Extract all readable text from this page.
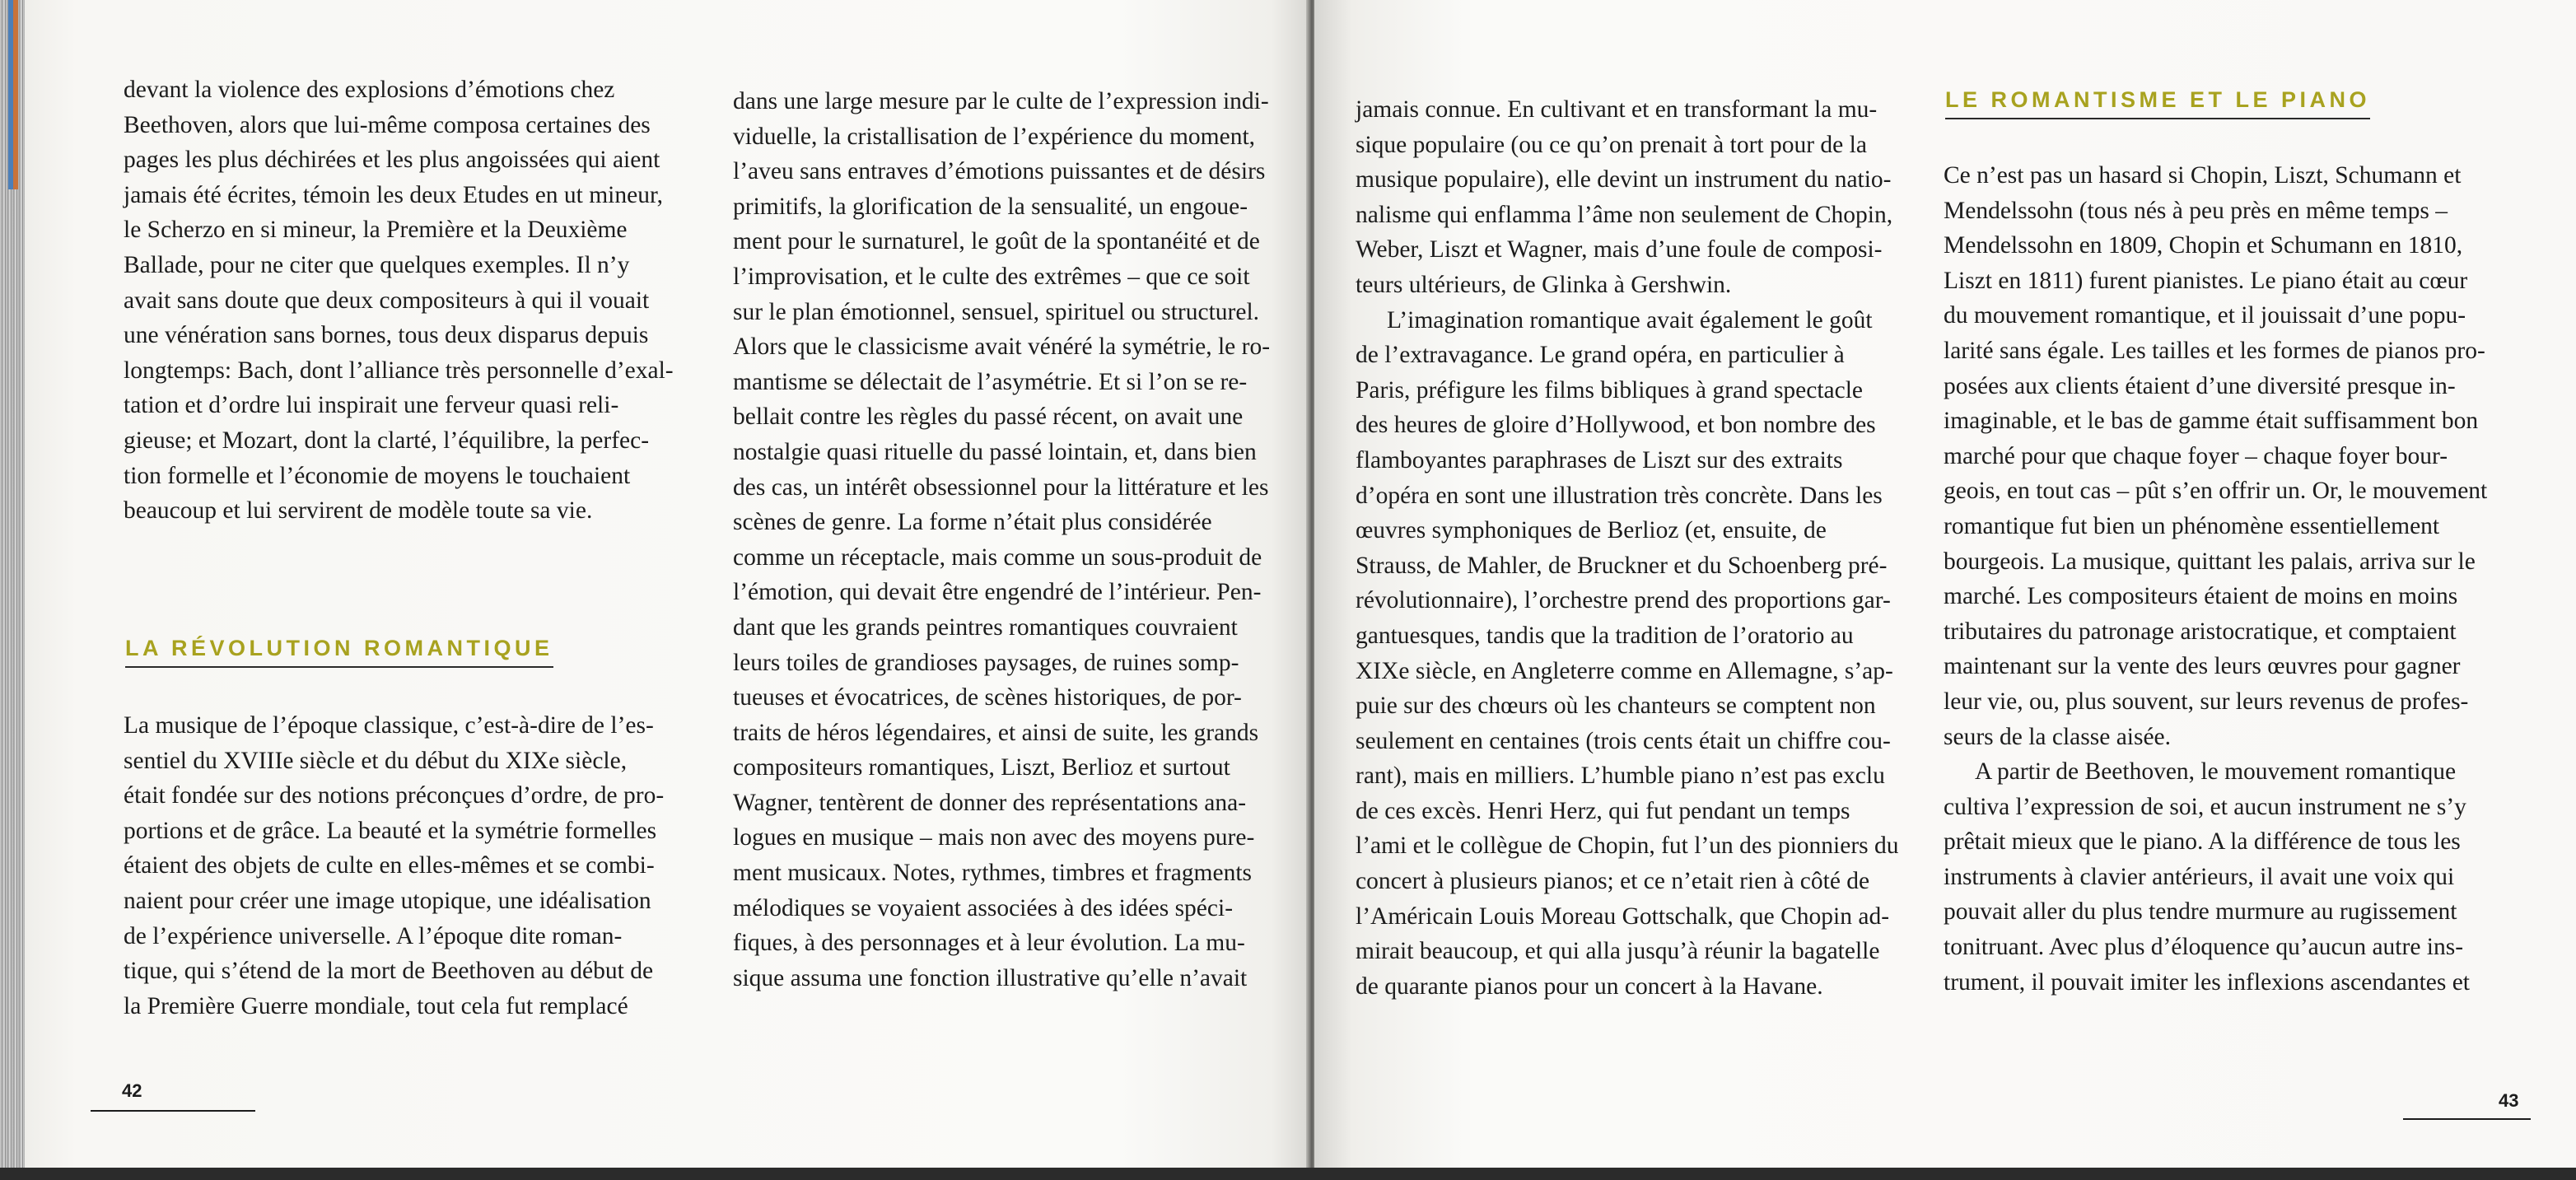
devant la violence des explosions d’émotions chez
Beethoven, alors que lui-même composa certaines des
pages les plus déchirées et les plus angoissées qui aient
jamais été écrites, témoin les deux Etudes en ut mineur,
le Scherzo en si mineur, la Première et la Deuxième
Ballade, pour ne citer que quelques exemples. Il n’y
avait sans doute que deux compositeurs à qui il vouait
une vénération sans bornes, tous deux disparus depuis
longtemps: Bach, dont l’alliance très personnelle d’exal-
tation et d’ordre lui inspirait une ferveur quasi reli-
gieuse; et Mozart, dont la clarté, l’équilibre, la perfec-
tion formelle et l’économie de moyens le touchaient
beaucoup et lui servirent de modèle toute sa vie.

LA RÉVOLUTION ROMANTIQUE

La musique de l’époque classique, c’est-à-dire de l’es-
sentiel du XVIIIe siècle et du début du XIXe siècle,
était fondée sur des notions préconçues d’ordre, de pro-
portions et de grâce. La beauté et la symétrie formelles
étaient des objets de culte en elles-mêmes et se combi-
naient pour créer une image utopique, une idéalisation
de l’expérience universelle. A l’époque dite roman-
tique, qui s’étend de la mort de Beethoven au début de
la Première Guerre mondiale, tout cela fut remplacé

dans une large mesure par le culte de l’expression indi-
viduelle, la cristallisation de l’expérience du moment,
l’aveu sans entraves d’émotions puissantes et de désirs
primitifs, la glorification de la sensualité, un engoue-
ment pour le surnaturel, le goût de la spontanéité et de
l’improvisation, et le culte des extrêmes – que ce soit
sur le plan émotionnel, sensuel, spirituel ou structurel.
Alors que le classicisme avait vénéré la symétrie, le ro-
mantisme se délectait de l’asymétrie. Et si l’on se re-
bellait contre les règles du passé récent, on avait une
nostalgie quasi rituelle du passé lointain, et, dans bien
des cas, un intérêt obsessionnel pour la littérature et les
scènes de genre. La forme n’était plus considérée
comme un réceptacle, mais comme un sous-produit de
l’émotion, qui devait être engendré de l’intérieur. Pen-
dant que les grands peintres romantiques couvraient
leurs toiles de grandioses paysages, de ruines somp-
tueuses et évocatrices, de scènes historiques, de por-
traits de héros légendaires, et ainsi de suite, les grands
compositeurs romantiques, Liszt, Berlioz et surtout
Wagner, tentèrent de donner des représentations ana-
logues en musique – mais non avec des moyens pure-
ment musicaux. Notes, rythmes, timbres et fragments
mélodiques se voyaient associées à des idées spéci-
fiques, à des personnages et à leur évolution. La mu-
sique assuma une fonction illustrative qu’elle n’avait

42

jamais connue. En cultivant et en transformant la mu-
sique populaire (ou ce qu’on prenait à tort pour de la
musique populaire), elle devint un instrument du natio-
nalisme qui enflamma l’âme non seulement de Chopin,
Weber, Liszt et Wagner, mais d’une foule de composi-
teurs ultérieurs, de Glinka à Gershwin.

L’imagination romantique avait également le goût
de l’extravagance. Le grand opéra, en particulier à
Paris, préfigure les films bibliques à grand spectacle
des heures de gloire d’Hollywood, et bon nombre des
flamboyantes paraphrases de Liszt sur des extraits
d’opéra en sont une illustration très concrète. Dans les
œuvres symphoniques de Berlioz (et, ensuite, de
Strauss, de Mahler, de Bruckner et du Schoenberg pré-
révolutionnaire), l’orchestre prend des proportions gar-
gantuesques, tandis que la tradition de l’oratorio au
XIXe siècle, en Angleterre comme en Allemagne, s’ap-
puie sur des chœurs où les chanteurs se comptent non
seulement en centaines (trois cents était un chiffre cou-
rant), mais en milliers. L’humble piano n’est pas exclu
de ces excès. Henri Herz, qui fut pendant un temps
l’ami et le collègue de Chopin, fut l’un des pionniers du
concert à plusieurs pianos; et ce n’etait rien à côté de
l’Américain Louis Moreau Gottschalk, que Chopin ad-
mirait beaucoup, et qui alla jusqu’à réunir la bagatelle
de quarante pianos pour un concert à la Havane.

LE ROMANTISME ET LE PIANO

Ce n’est pas un hasard si Chopin, Liszt, Schumann et
Mendelssohn (tous nés à peu près en même temps –
Mendelssohn en 1809, Chopin et Schumann en 1810,
Liszt en 1811) furent pianistes. Le piano était au cœur
du mouvement romantique, et il jouissait d’une popu-
larité sans égale. Les tailles et les formes de pianos pro-
posées aux clients étaient d’une diversité presque in-
imaginable, et le bas de gamme était suffisamment bon
marché pour que chaque foyer – chaque foyer bour-
geois, en tout cas – pût s’en offrir un. Or, le mouvement
romantique fut bien un phénomène essentiellement
bourgeois. La musique, quittant les palais, arriva sur le
marché. Les compositeurs étaient de moins en moins
tributaires du patronage aristocratique, et comptaient
maintenant sur la vente des leurs œuvres pour gagner
leur vie, ou, plus souvent, sur leurs revenus de profes-
seurs de la classe aisée.

A partir de Beethoven, le mouvement romantique
cultiva l’expression de soi, et aucun instrument ne s’y
prêtait mieux que le piano. A la différence de tous les
instruments à clavier antérieurs, il avait une voix qui
pouvait aller du plus tendre murmure au rugissement
tonitruant. Avec plus d’éloquence qu’aucun autre ins-
trument, il pouvait imiter les inflexions ascendantes et

43
